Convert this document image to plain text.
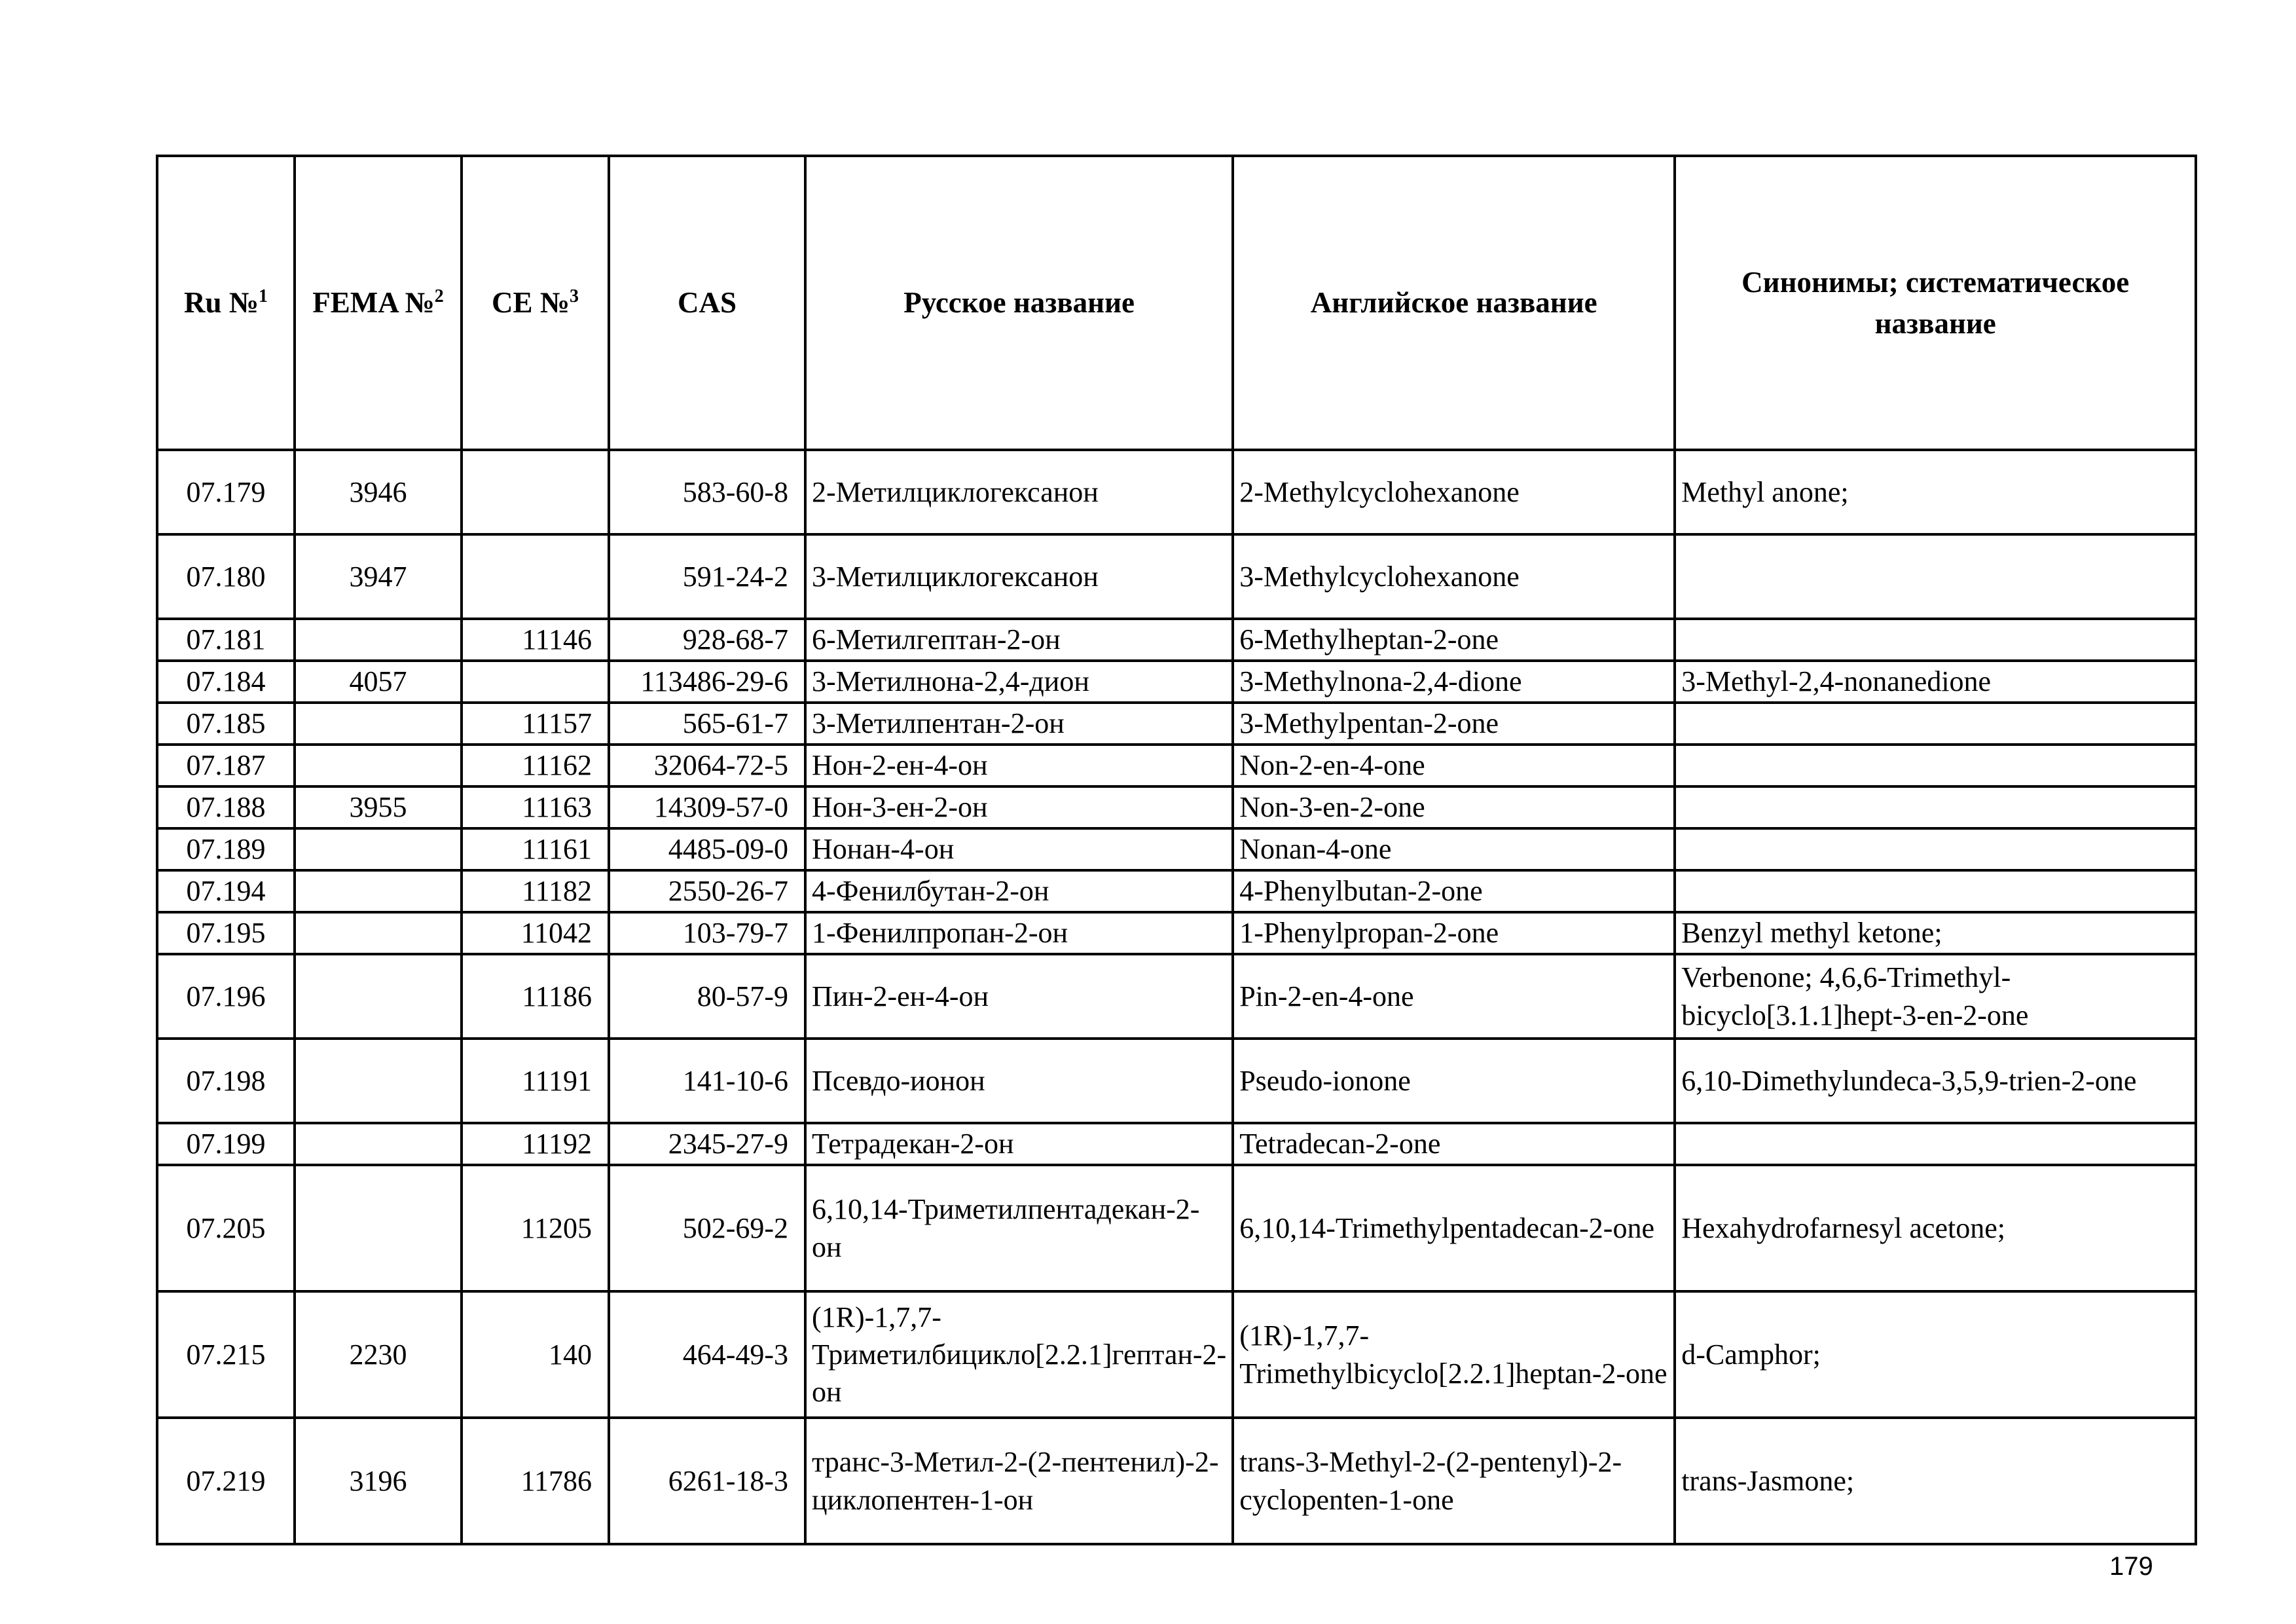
Ru №$^1$	FEMA №$^2$	CE №$^3$	CAS	Русское название	Английское название	Синонимы; систематическое название
07.179	3946		583-60-8	2-Метилциклогексанон	2-Methylcyclohexanone	Methyl anone;
07.180	3947		591-24-2	3-Метилциклогексанон	3-Methylcyclohexanone	
07.181		11146	928-68-7	6-Метилгептан-2-он	6-Methylheptan-2-one	
07.184	4057		113486-29-6	3-Метилнона-2,4-дион	3-Methylnona-2,4-dione	3-Methyl-2,4-nonanedione
07.185		11157	565-61-7	3-Метилпентан-2-он	3-Methylpentan-2-one	
07.187		11162	32064-72-5	Нон-2-ен-4-он	Non-2-en-4-one	
07.188	3955	11163	14309-57-0	Нон-3-ен-2-он	Non-3-en-2-one	
07.189		11161	4485-09-0	Нонан-4-он	Nonan-4-one	
07.194		11182	2550-26-7	4-Фенилбутан-2-он	4-Phenylbutan-2-one	
07.195		11042	103-79-7	1-Фенилпропан-2-он	1-Phenylpropan-2-one	Benzyl methyl ketone;
07.196		11186	80-57-9	Пин-2-ен-4-он	Pin-2-en-4-one	Verbenone; 4,6,6-Trimethyl-bicyclo[3.1.1]hept-3-en-2-one
07.198		11191	141-10-6	Псевдо-ионон	Pseudo-ionone	6,10-Dimethylundeca-3,5,9-trien-2-one
07.199		11192	2345-27-9	Тетрадекан-2-он	Tetradecan-2-one	
07.205		11205	502-69-2	6,10,14-Триметилпентадекан-2-он	6,10,14-Trimethylpentadecan-2-one	Hexahydrofarnesyl acetone;
07.215	2230	140	464-49-3	(1R)-1,7,7-Триметилбицикло[2.2.1]гептан-2-он	(1R)-1,7,7-Trimethylbicyclo[2.2.1]heptan-2-one	d-Camphor;
07.219	3196	11786	6261-18-3	транс-3-Метил-2-(2-пентенил)-2-циклопентен-1-он	trans-3-Methyl-2-(2-pentenyl)-2-cyclopenten-1-one	trans-Jasmone;
179
